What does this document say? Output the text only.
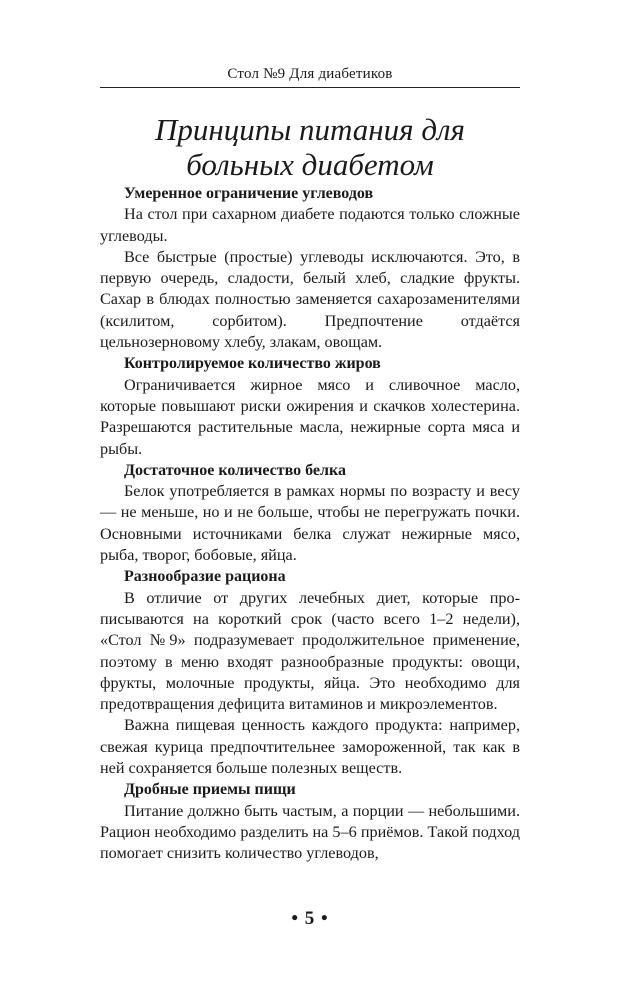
Стол №9 Для диабетиков
Принципы питания для
больных диабетом
Умеренное ограничение углеводов

На стол при сахарном диабете подаются только сложные углеводы.

Все быстрые (простые) углеводы исключаются. Это, в первую очередь, сладости, белый хлеб, сладкие фрукты. Сахар в блюдах полностью заменяется сахарозаменителями (ксилитом, сорбитом). Предпочтение отдаётся цельнозерновому хлебу, злакам, овощам.

Контролируемое количество жиров

Ограничивается жирное мясо и сливочное масло, которые повышают риски ожирения и скачков холестерина. Разрешаются растительные масла, нежирные сорта мяса и рыбы.

Достаточное количество белка

Белок употребляется в рамках нормы по возрасту и весу — не меньше, но и не больше, чтобы не перегружать почки. Основными источниками белка служат нежирные мясо, рыба, творог, бобовые, яйца.

Разнообразие рациона

В отличие от других лечебных диет, которые прописываются на короткий срок (часто всего 1–2 недели), «Стол №9» подразумевает продолжительное применение, поэтому в меню входят разнообразные продукты: овощи, фрукты, молочные продукты, яйца. Это необходимо для предотвращения дефицита витаминов и микроэлементов.

Важна пищевая ценность каждого продукта: например, свежая курица предпочтительнее замороженной, так как в ней сохраняется больше полезных веществ.

Дробные приемы пищи

Питание должно быть частым, а порции — небольшими. Рацион необходимо разделить на 5–6 приёмов. Такой подход помогает снизить количество углеводов,

• 5 •
